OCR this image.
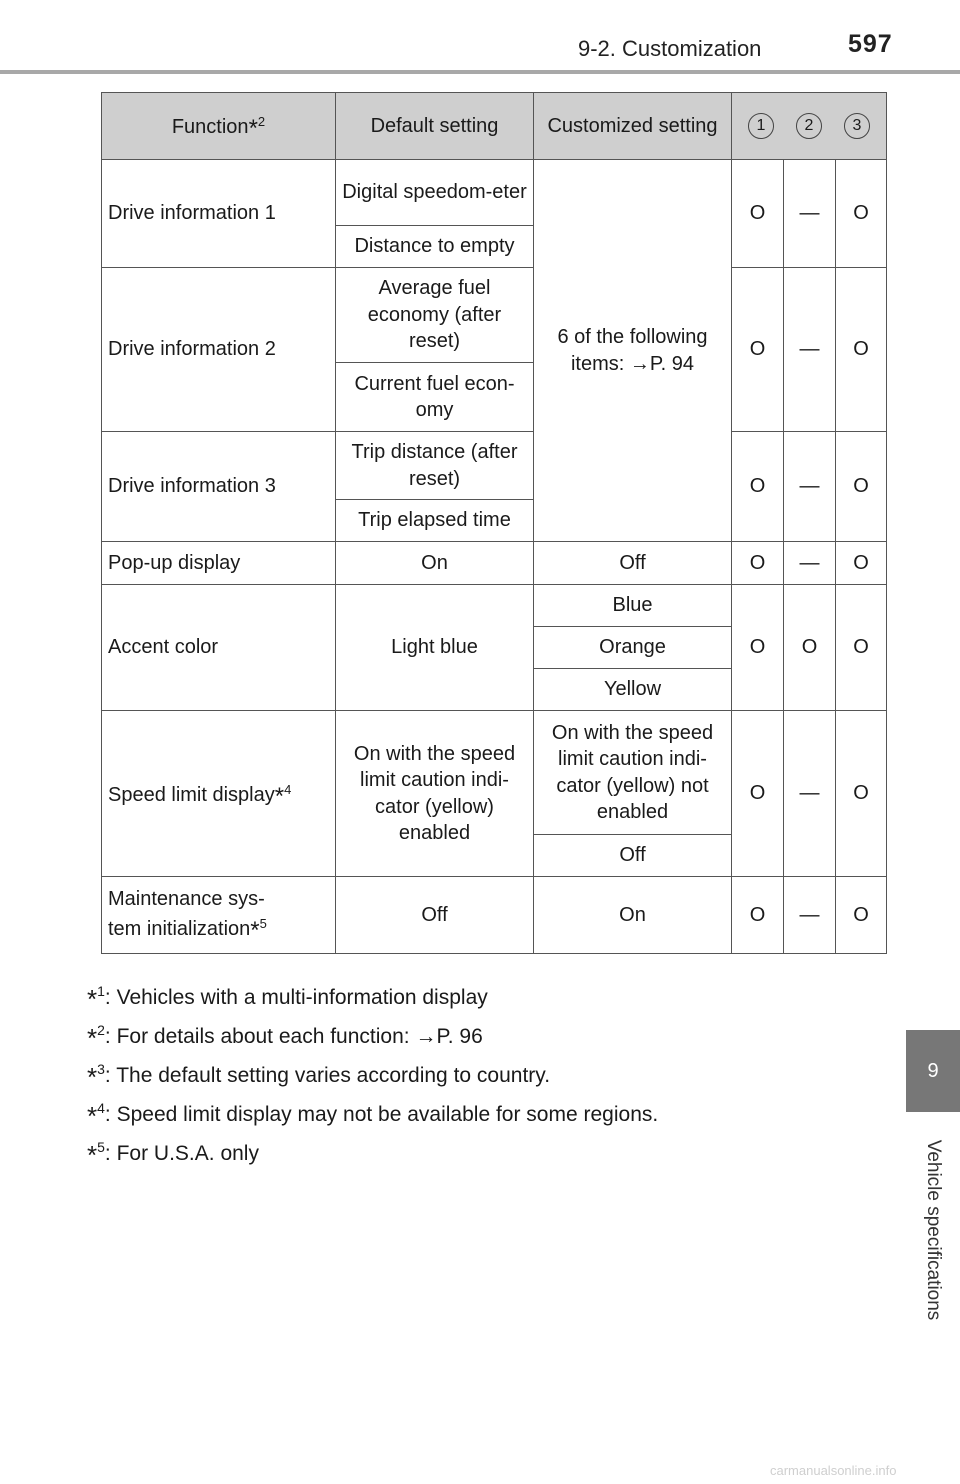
9-2. Customization	597
9
Vehicle specifications
Function*$^2$	Default setting	Customized setting	1 2 3		
Drive information 1	Digital speedom-eter	6 of the following items: →P. 94	O	—	O
	Distance to empty				
Drive information 2	Average fuel economy (after reset)		O	—	O
	Current fuel econ-omy				
Drive information 3	Trip distance (after reset)		O	—	O
	Trip elapsed time				
Pop-up display	On	Off	O	—	O
Accent color	Light blue	Blue	O	O	O
		Orange			
		Yellow			
Speed limit display*$^4$	On with the speed limit caution indi-cator (yellow) enabled	On with the speed limit caution indi-cator (yellow) not enabled	O	—	O
		Off			

Maintenance sys-
tem initialization*$^5$	Off	On	O	—	O
*$^1$: Vehicles with a multi-information display
*$^2$: For details about each function: →P. 96
*$^3$: The default setting varies according to country.
*$^4$: Speed limit display may not be available for some regions.
*$^5$: For U.S.A. only
carmanualsonline.info
